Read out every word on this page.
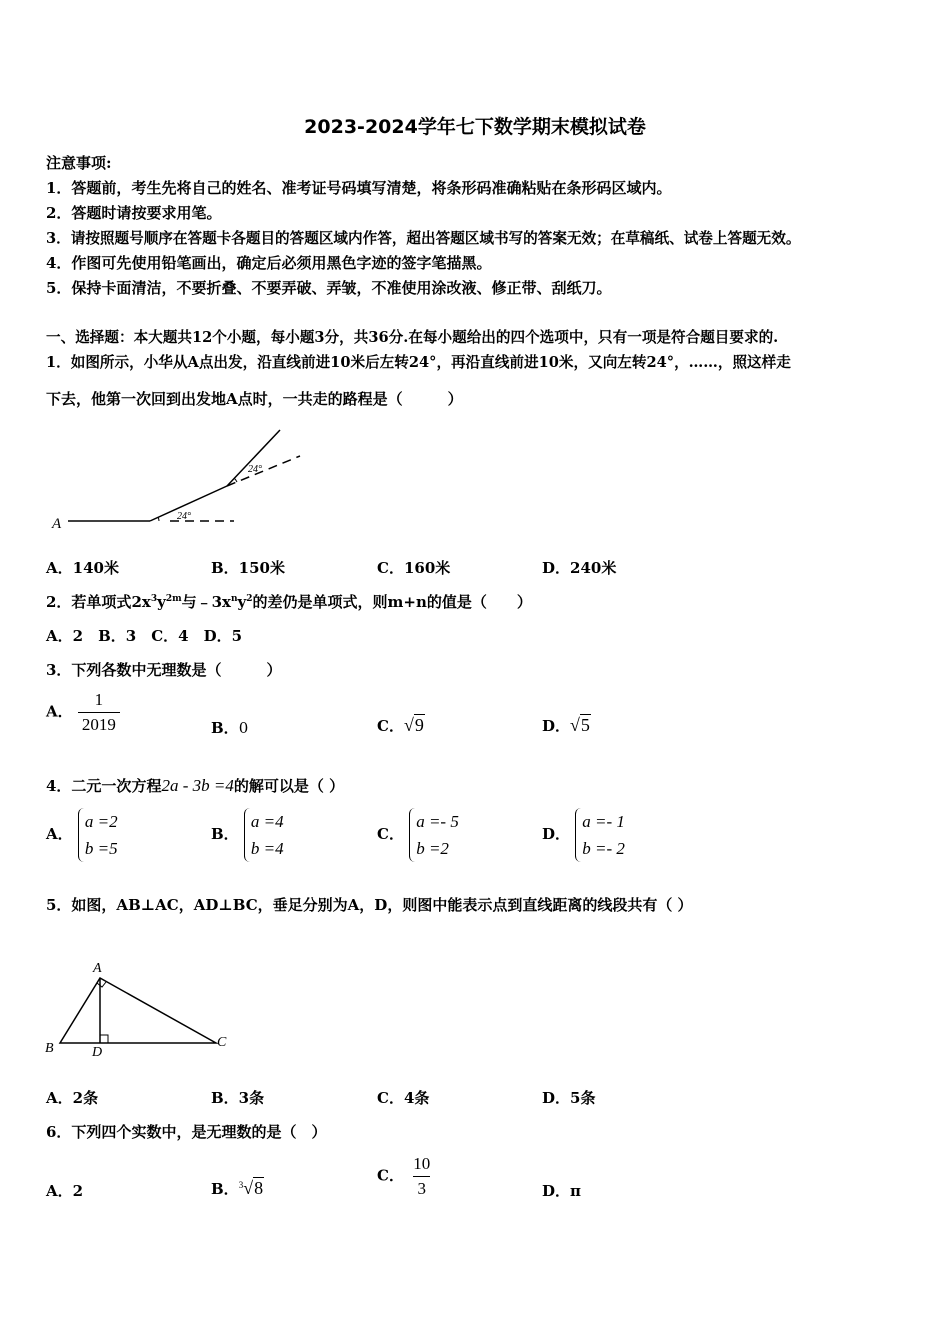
2023-2024学年七下数学期末模拟试卷
注意事项:
1．答题前，考生先将自己的姓名、准考证号码填写清楚，将条形码准确粘贴在条形码区域内。
2．答题时请按要求用笔。
3．请按照题号顺序在答题卡各题目的答题区域内作答，超出答题区域书写的答案无效；在草稿纸、试卷上答题无效。
4．作图可先使用铅笔画出，确定后必须用黑色字迹的签字笔描黑。
5．保持卡面清洁，不要折叠、不要弄破、弄皱，不准使用涂改液、修正带、刮纸刀。
一、选择题：本大题共12个小题，每小题3分，共36分.在每小题给出的四个选项中，只有一项是符合题目要求的.
1．如图所示，小华从A点出发，沿直线前进10米后左转24°，再沿直线前进10米，又向左转24°，……，照这样走
下去，他第一次回到出发地A点时，一共走的路程是（　　　）
A	24°
24°
A．140米	B．150米	C．160米	D．240米
2．若单项式$2x^3y^{2m}$与$﹣3x^ny^2$的差仍是单项式，则m+n的值是（　　）
A．2　B．3　C．4　D．5
3．下列各数中无理数是（　　　）
A． $\frac{1}{2019}$	B．0	C．√9	D．√5
4．二元一次方程2a - 3b =4的解可以是（ ）
A．
a =2
b =5
B．
a =4
b =4
C．
a =- 5
b =2
D．
a =- 1
b =- 2
5．如图，AB⊥AC，AD⊥BC，垂足分别为A，D，则图中能表示点到直线距离的线段共有（ ）
A
B	C
D
A．2条	B．3条	C．4条	D．5条
6．下列四个实数中，是无理数的是（　）
A．2	B．$^3$√8
C． $\frac{10}{3}$	D．π
